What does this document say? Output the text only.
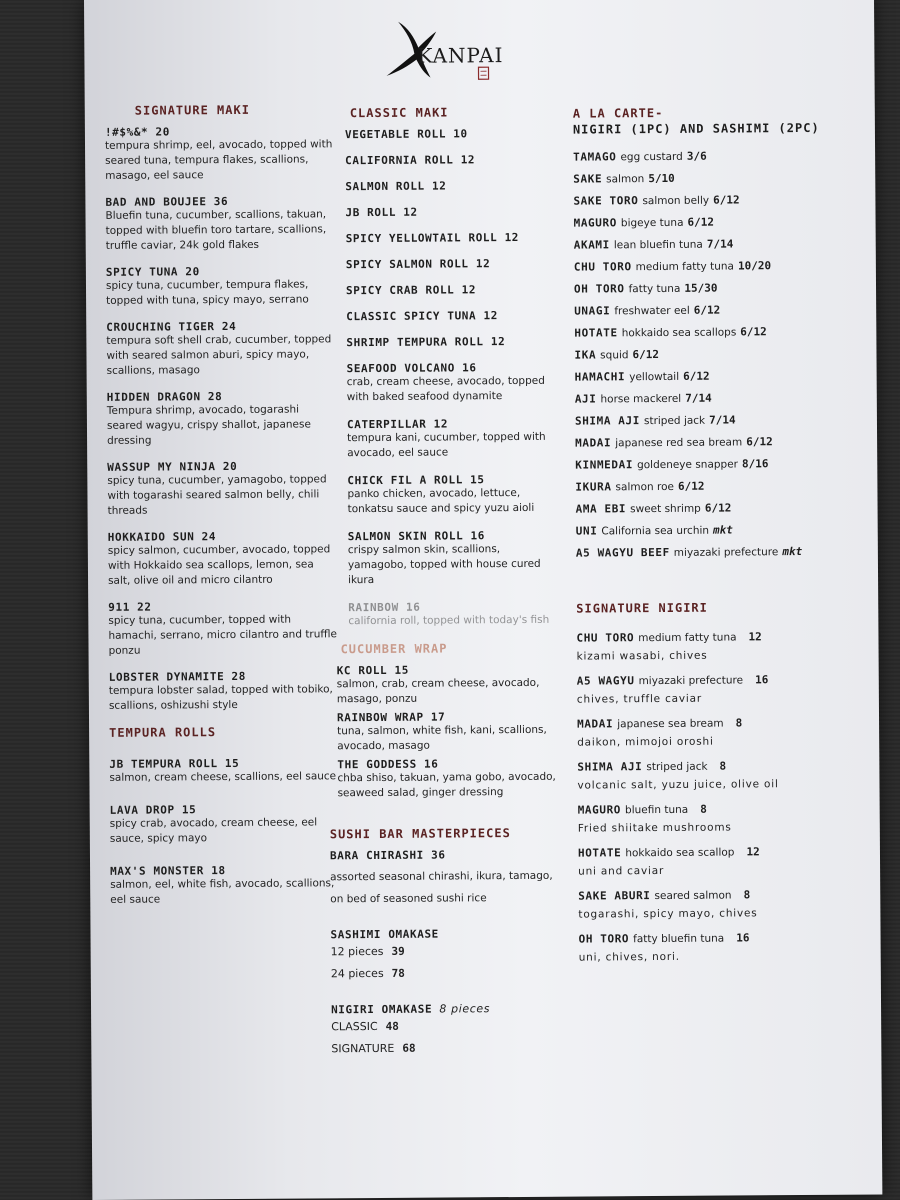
KANPAI
SIGNATURE MAKI
!#$%&* 20
tempura shrimp, eel, avocado, topped with seared tuna, tempura flakes, scallions, masago, eel sauce
BAD AND BOUJEE 36
Bluefin tuna, cucumber, scallions, takuan, topped with bluefin toro tartare, scallions, truffle caviar, 24k gold flakes
SPICY TUNA 20
spicy tuna, cucumber, tempura flakes, topped with tuna, spicy mayo, serrano
CROUCHING TIGER 24
tempura soft shell crab, cucumber, topped with seared salmon aburi, spicy mayo, scallions, masago
HIDDEN DRAGON 28
Tempura shrimp, avocado, togarashi seared wagyu, crispy shallot, japanese dressing
WASSUP MY NINJA 20
spicy tuna, cucumber, yamagobo, topped with togarashi seared salmon belly, chili threads
HOKKAIDO SUN 24
spicy salmon, cucumber, avocado, topped with Hokkaido sea scallops, lemon, sea salt, olive oil and micro cilantro
911 22
spicy tuna, cucumber, topped with hamachi, serrano, micro cilantro and truffle ponzu
LOBSTER DYNAMITE 28
tempura lobster salad, topped with tobiko, scallions, oshizushi style
TEMPURA ROLLS
JB TEMPURA ROLL 15
salmon, cream cheese, scallions, eel sauce
LAVA DROP 15
spicy crab, avocado, cream cheese, eel sauce, spicy mayo
MAX'S MONSTER 18
salmon, eel, white fish, avocado, scallions, eel sauce
CLASSIC MAKI
VEGETABLE ROLL 10
CALIFORNIA ROLL 12
SALMON ROLL 12
JB ROLL 12
SPICY YELLOWTAIL ROLL 12
SPICY SALMON ROLL 12
SPICY CRAB ROLL 12
CLASSIC SPICY TUNA 12
SHRIMP TEMPURA ROLL 12
SEAFOOD VOLCANO 16
crab, cream cheese, avocado, topped with baked seafood dynamite
CATERPILLAR 12
tempura kani, cucumber, topped with avocado, eel sauce
CHICK FIL A ROLL 15
panko chicken, avocado, lettuce, tonkatsu sauce and spicy yuzu aioli
SALMON SKIN ROLL 16
crispy salmon skin, scallions, yamagobo, topped with house cured ikura
RAINBOW 16
california roll, topped with today's fish
CUCUMBER WRAP
KC ROLL 15
salmon, crab, cream cheese, avocado, masago, ponzu
RAINBOW WRAP 17
tuna, salmon, white fish, kani, scallions, avocado, masago
THE GODDESS 16
chba shiso, takuan, yama gobo, avocado, seaweed salad, ginger dressing
SUSHI BAR MASTERPIECES
BARA CHIRASHI 36
assorted seasonal chirashi, ikura, tamago, on bed of seasoned sushi rice
SASHIMI OMAKASE
12 pieces 39
24 pieces 78
NIGIRI OMAKASE 8 pieces
CLASSIC 48
SIGNATURE 68
A LA CARTE-
NIGIRI (1PC) AND SASHIMI (2PC)
TAMAGO egg custard 3/6
SAKE salmon 5/10
SAKE TORO salmon belly 6/12
MAGURO bigeye tuna 6/12
AKAMI lean bluefin tuna 7/14
CHU TORO medium fatty tuna 10/20
OH TORO fatty tuna 15/30
UNAGI freshwater eel 6/12
HOTATE hokkaido sea scallops 6/12
IKA squid 6/12
HAMACHI yellowtail 6/12
AJI horse mackerel 7/14
SHIMA AJI striped jack 7/14
MADAI japanese red sea bream 6/12
KINMEDAI goldeneye snapper 8/16
IKURA salmon roe 6/12
AMA EBI sweet shrimp 6/12
UNI California sea urchin mkt
A5 WAGYU BEEF miyazaki prefecture mkt
SIGNATURE NIGIRI
CHU TORO medium fatty tuna 12
kizami wasabi, chives
A5 WAGYU miyazaki prefecture 16
chives, truffle caviar
MADAI japanese sea bream 8
daikon, mimojoi oroshi
SHIMA AJI striped jack 8
volcanic salt, yuzu juice, olive oil
MAGURO bluefin tuna 8
Fried shiitake mushrooms
HOTATE hokkaido sea scallop 12
uni and caviar
SAKE ABURI seared salmon 8
togarashi, spicy mayo, chives
OH TORO fatty bluefin tuna 16
uni, chives, nori.
